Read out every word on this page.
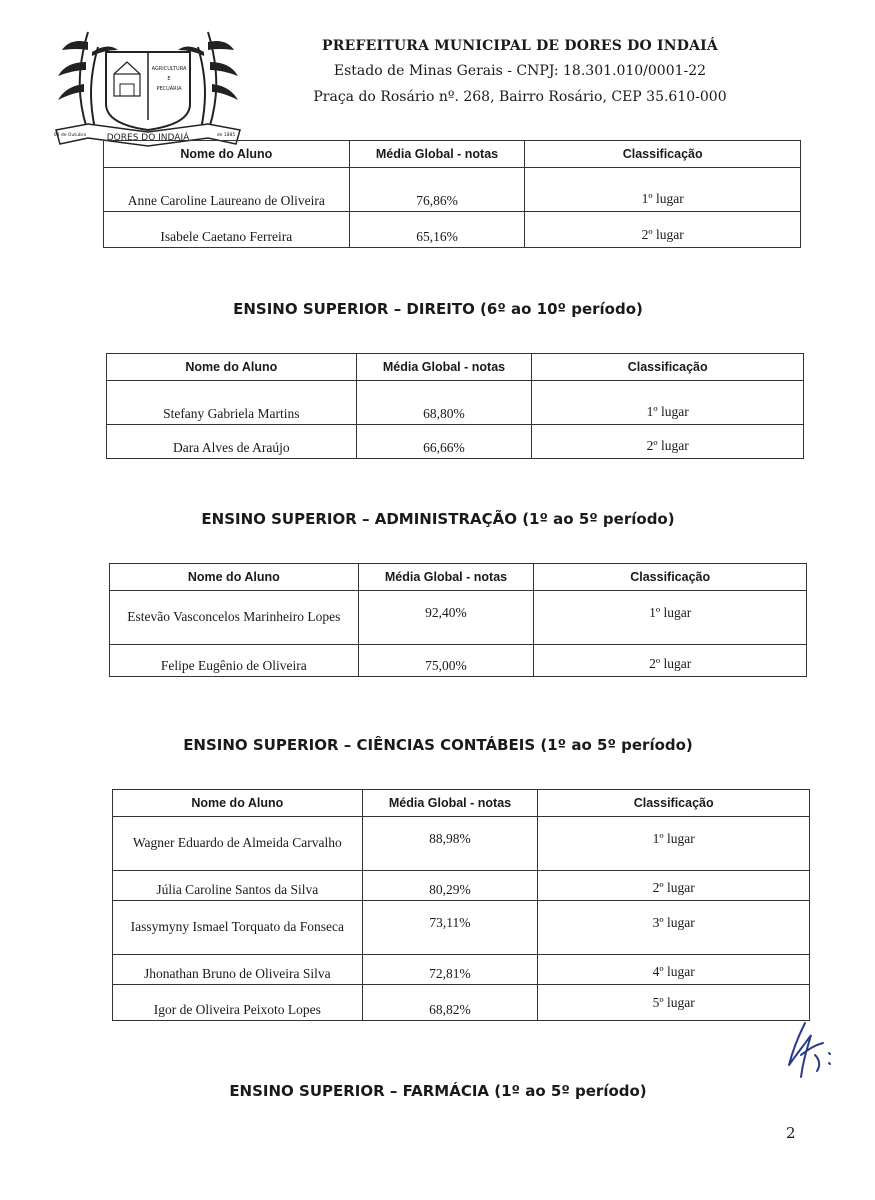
AGRICULTURA
E
PECUÁRIA
DORES DO INDAIÁ
08 de Outubro	de 1885
PREFEITURA MUNICIPAL DE DORES DO INDAIÁ
Estado de Minas Gerais - CNPJ: 18.301.010/0001-22
Praça do Rosário nº. 268, Bairro Rosário, CEP 35.610-000
Nome do Aluno	Média Global - notas	Classificação
Anne Caroline Laureano de Oliveira	76,86%	1º lugar
Isabele Caetano Ferreira	65,16%	2º lugar
ENSINO SUPERIOR – DIREITO (6º ao 10º período)
Nome do Aluno	Média Global - notas	Classificação
Stefany Gabriela Martins	68,80%	1º lugar
Dara Alves de Araújo	66,66%	2º lugar
ENSINO SUPERIOR – ADMINISTRAÇÃO (1º ao 5º período)
Nome do Aluno	Média Global - notas	Classificação
Estevão Vasconcelos Marinheiro Lopes	92,40%	1º lugar
Felipe Eugênio de Oliveira	75,00%	2º lugar
ENSINO SUPERIOR – CIÊNCIAS CONTÁBEIS (1º ao 5º período)
Nome do Aluno	Média Global - notas	Classificação
Wagner Eduardo de Almeida Carvalho	88,98%	1º lugar
Júlia Caroline Santos da Silva	80,29%	2º lugar
Iassymyny Ismael Torquato da Fonseca	73,11%	3º lugar
Jhonathan Bruno de Oliveira Silva	72,81%	4º lugar
Igor de Oliveira Peixoto Lopes	68,82%	5º lugar
ENSINO SUPERIOR – FARMÁCIA (1º ao 5º período)
2
